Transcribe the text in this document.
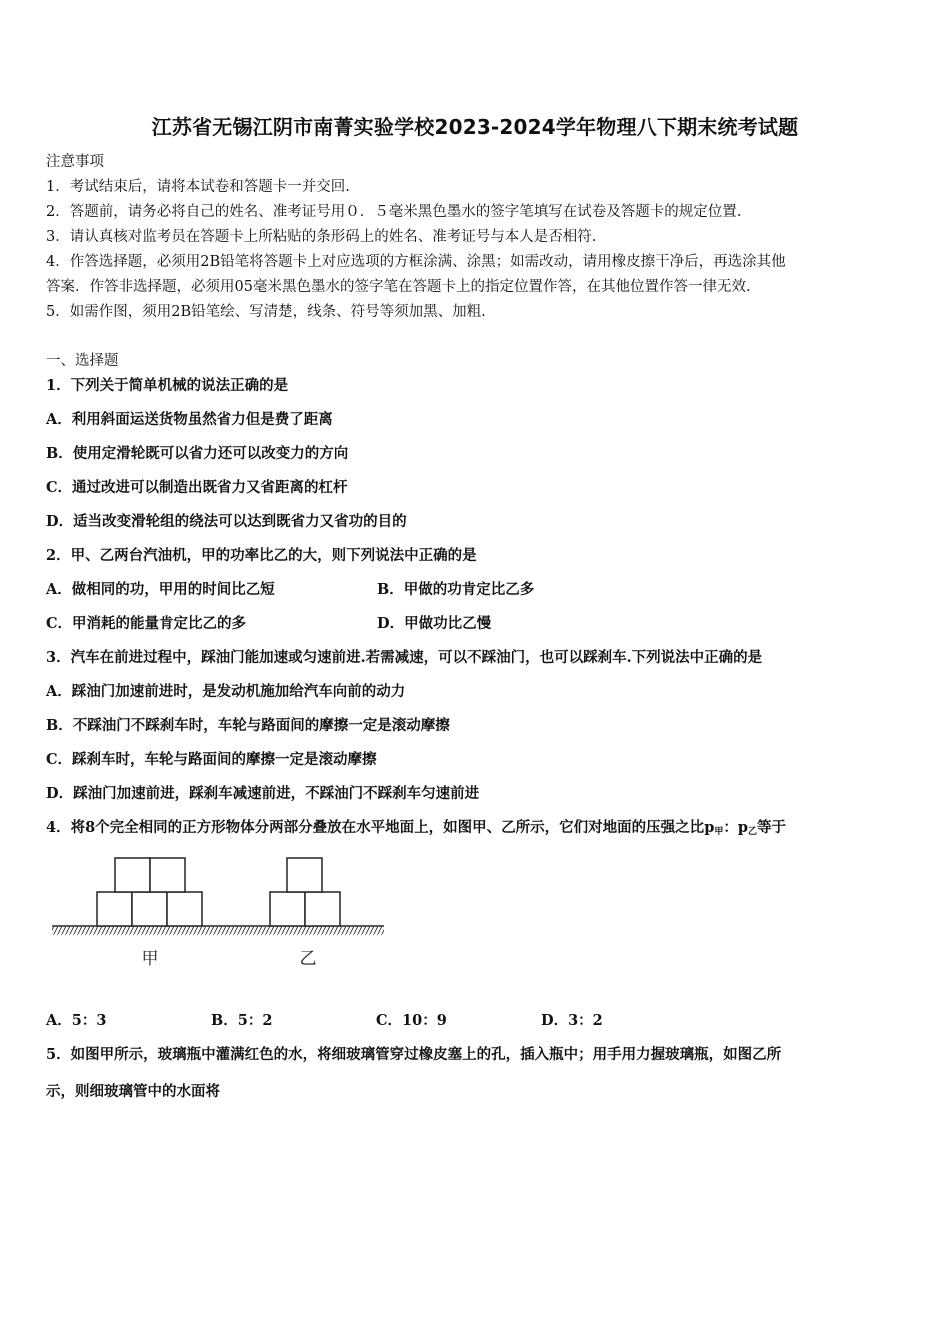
江苏省无锡江阴市南菁实验学校2023-2024学年物理八下期末统考试题
注意事项
1．考试结束后，请将本试卷和答题卡一并交回.
2．答题前，请务必将自己的姓名、准考证号用０．５毫米黑色墨水的签字笔填写在试卷及答题卡的规定位置.
3．请认真核对监考员在答题卡上所粘贴的条形码上的姓名、准考证号与本人是否相符.
4．作答选择题，必须用2B铅笔将答题卡上对应选项的方框涂满、涂黑；如需改动，请用橡皮擦干净后，再选涂其他
答案．作答非选择题，必须用05毫米黑色墨水的签字笔在答题卡上的指定位置作答，在其他位置作答一律无效.
5．如需作图，须用2B铅笔绘、写清楚，线条、符号等须加黑、加粗.
一、选择题
1．下列关于简单机械的说法正确的是
A．利用斜面运送货物虽然省力但是费了距离
B．使用定滑轮既可以省力还可以改变力的方向
C．通过改进可以制造出既省力又省距离的杠杆
D．适当改变滑轮组的绕法可以达到既省力又省功的目的
2．甲、乙两台汽油机，甲的功率比乙的大，则下列说法中正确的是
A．做相同的功，甲用的时间比乙短	B．甲做的功肯定比乙多
C．甲消耗的能量肯定比乙的多	D．甲做功比乙慢
3．汽车在前进过程中，踩油门能加速或匀速前进.若需减速，可以不踩油门，也可以踩刹车.下列说法中正确的是
A．踩油门加速前进时，是发动机施加给汽车向前的动力
B．不踩油门不踩刹车时，车轮与路面间的摩擦一定是滚动摩擦
C．踩刹车时，车轮与路面间的摩擦一定是滚动摩擦
D．踩油门加速前进，踩刹车减速前进，不踩油门不踩刹车匀速前进
4．将8个完全相同的正方形物体分两部分叠放在水平地面上，如图甲、乙所示，它们对地面的压强之比$p_甲$：$p_乙$等于
甲	乙
A．5：3	B．5：2	C．10：9	D．3：2
5．如图甲所示，玻璃瓶中灌满红色的水，将细玻璃管穿过橡皮塞上的孔，插入瓶中；用手用力握玻璃瓶，如图乙所
示，则细玻璃管中的水面将
